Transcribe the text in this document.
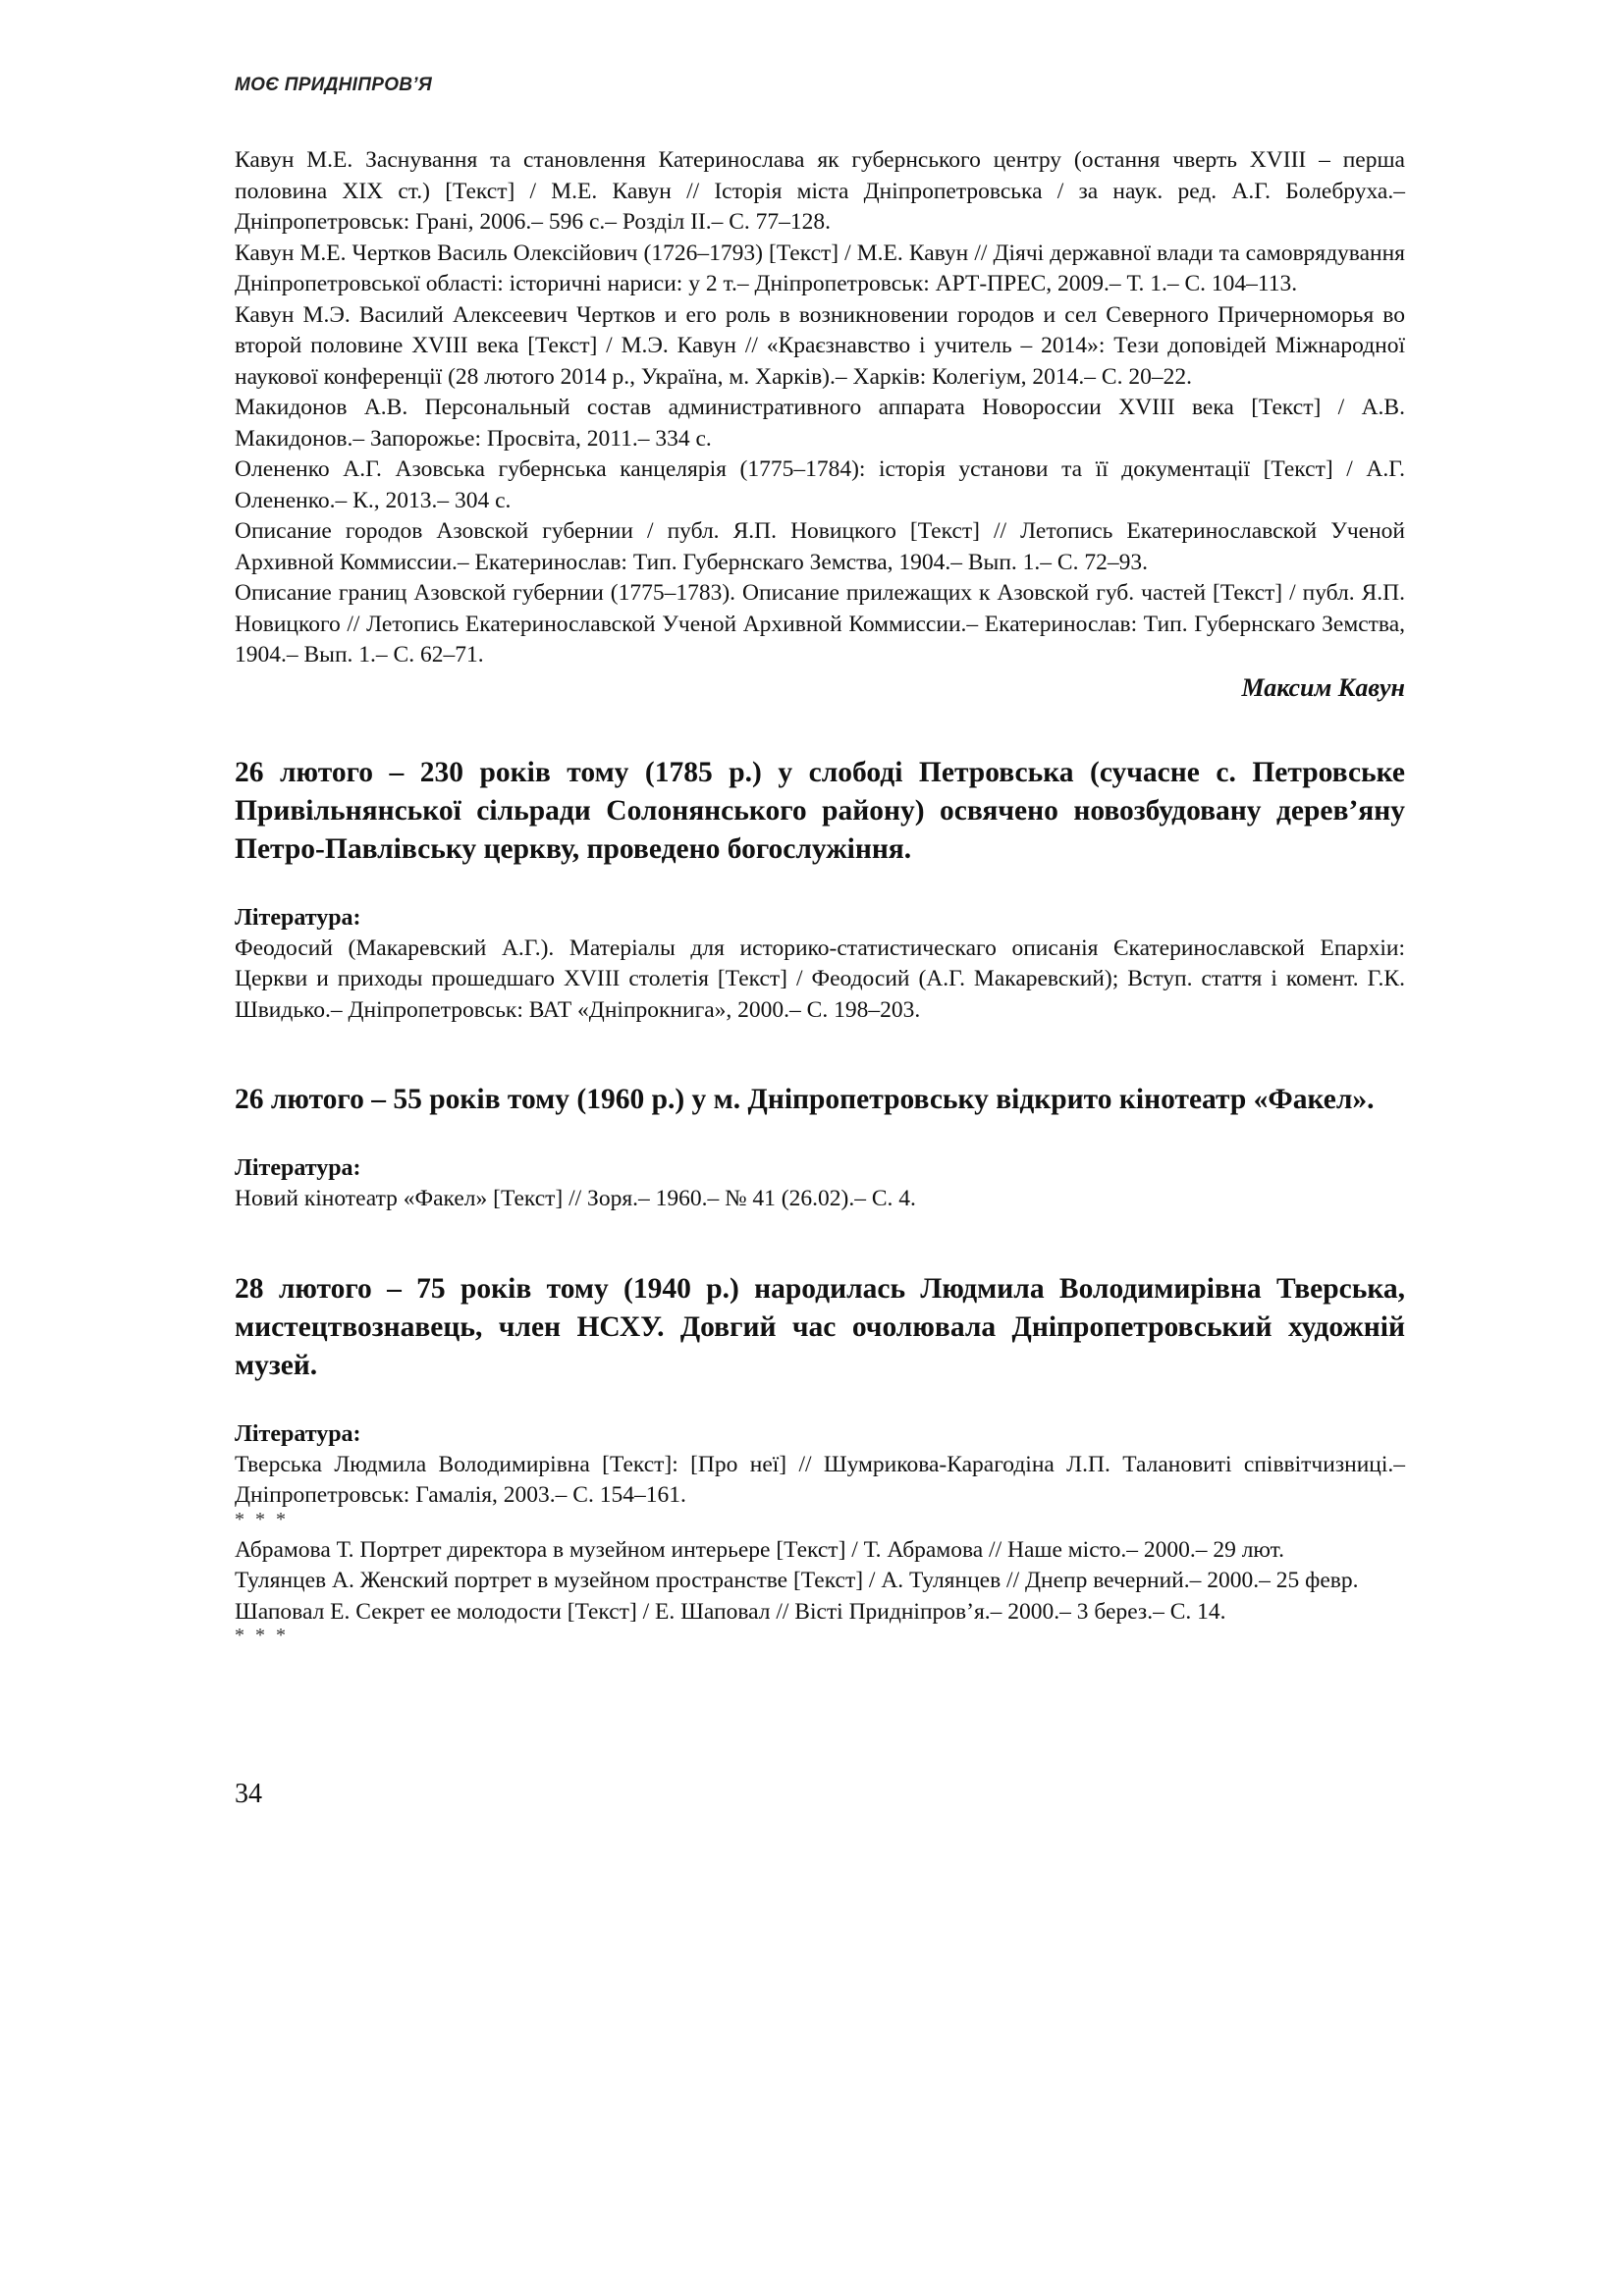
МОЄ ПРИДНІПРОВ’Я

Кавун М.Е. Заснування та становлення Катеринослава як губернського центру (остання чверть XVIII – перша половина XIX ст.) [Текст] / М.Е. Кавун // Історія міста Дніпропетровська / за наук. ред. А.Г. Болебруха.– Дніпропетровськ: Грані, 2006.– 596 с.– Розділ II.– С. 77–128.

Кавун М.Е. Чертков Василь Олексійович (1726–1793) [Текст] / М.Е. Кавун // Діячі державної влади та самоврядування Дніпропетровської області: історичні нариси: у 2 т.– Дніпропетровськ: АРТ-ПРЕС, 2009.– Т. 1.– С. 104–113.

Кавун М.Э. Василий Алексеевич Чертков и его роль в возникновении городов и сел Северного Причерноморья во второй половине XVIII века [Текст] / М.Э. Кавун // «Краєзнавство і учитель – 2014»: Тези доповідей Міжнародної наукової конференції (28 лютого 2014 р., Україна, м. Харків).– Харків: Колегіум, 2014.– С. 20–22.

Макидонов А.В. Персональный состав административного аппарата Новороссии XVIII века [Текст] / А.В. Макидонов.– Запорожье: Просвіта, 2011.– 334 с.

Олененко А.Г. Азовська губернська канцелярія (1775–1784): історія установи та її документації [Текст] / А.Г. Олененко.– К., 2013.– 304 с.

Описание городов Азовской губернии / публ. Я.П. Новицкого [Текст] // Летопись Екатеринославской Ученой Архивной Коммиссии.– Екатеринослав: Тип. Губернскаго Земства, 1904.– Вып. 1.– С. 72–93.

Описание границ Азовской губернии (1775–1783). Описание прилежащих к Азовской губ. частей [Текст] / публ. Я.П. Новицкого // Летопись Екатеринославской Ученой Архивной Коммиссии.– Екатеринослав: Тип. Губернскаго Земства, 1904.– Вып. 1.– С. 62–71.

Максим Кавун

26 лютого – 230 років тому (1785 р.) у слободі Петровська (сучасне с. Петровське Привільнянської сільради Солонянського району) освячено новозбудовану дерев’яну Петро-Павлівську церкву, проведено богослужіння.

Література:

Феодосий (Макаревский А.Г.). Матеріалы для историко-статистическаго описанія Єкатеринославской Епархіи: Церкви и приходы прошедшаго XVIII столетія [Текст] / Феодосий (А.Г. Макаревский); Вступ. стаття і комент. Г.К. Швидько.– Дніпропетровськ: ВАТ «Дніпрокнига», 2000.– С. 198–203.

26 лютого – 55 років тому (1960 р.) у м. Дніпропетровську відкрито кінотеатр «Факел».

Література:

Новий кінотеатр «Факел» [Текст] // Зоря.– 1960.– № 41 (26.02).– С. 4.

28 лютого – 75 років тому (1940 р.) народилась Людмила Володимирівна Тверська, мистецтвознавець, член НСХУ. Довгий час очолювала Дніпропетровський художній музей.

Література:

Тверська Людмила Володимирівна [Текст]: [Про неї] // Шумрикова-Карагодіна Л.П. Талановиті співвітчизниці.– Дніпропетровськ: Гамалія, 2003.– С. 154–161.

* * *

Абрамова Т. Портрет директора в музейном интерьере [Текст] / Т. Абрамова // Наше місто.– 2000.– 29 лют.

Тулянцев А. Женский портрет в музейном пространстве [Текст] / А. Тулянцев // Днепр вечерний.– 2000.– 25 февр.

Шаповал Е. Секрет ее молодости [Текст] / Е. Шаповал // Вісті Придніпров’я.– 2000.– 3 берез.– С. 14.

* * *

34
